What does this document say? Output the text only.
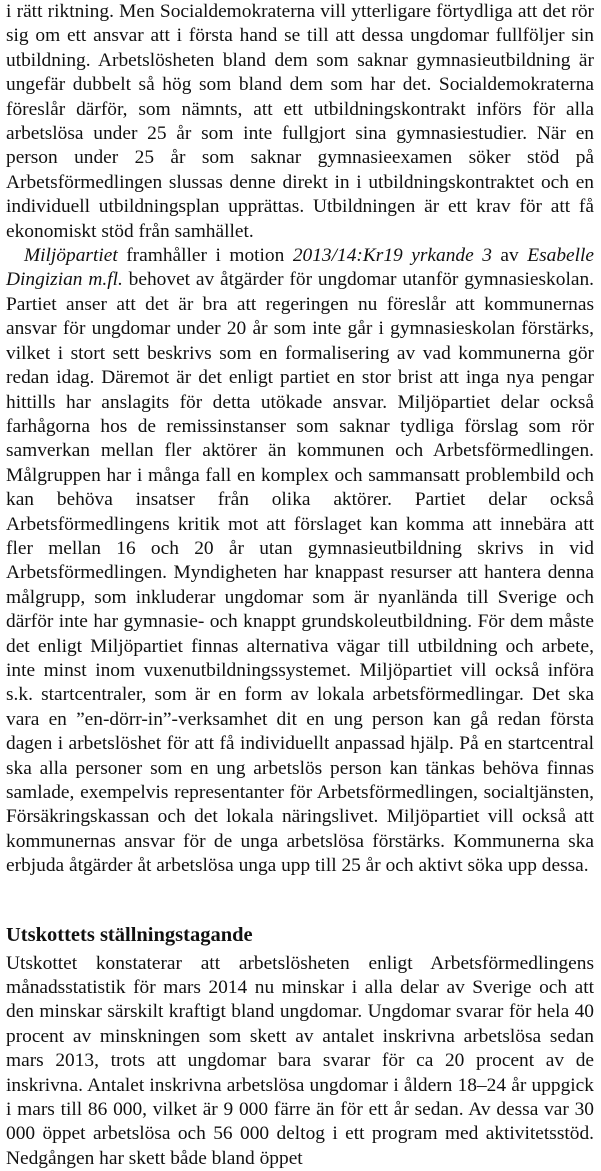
i rätt riktning. Men Socialdemokraterna vill ytterligare förtydliga att det rör sig om ett ansvar att i första hand se till att dessa ungdomar fullföljer sin utbildning. Arbetslösheten bland dem som saknar gymnasieutbildning är ungefär dubbelt så hög som bland dem som har det. Socialdemokraterna föreslår därför, som nämnts, att ett utbildningskontrakt införs för alla arbetslösa under 25 år som inte fullgjort sina gymnasiestudier. När en person under 25 år som saknar gymnasieexamen söker stöd på Arbetsförmedlingen slussas denne direkt in i utbildningskontraktet och en individuell utbildningsplan upprättas. Utbildningen är ett krav för att få ekonomiskt stöd från samhället.

Miljöpartiet framhåller i motion 2013/14:Kr19 yrkande 3 av Esabelle Dingizian m.fl. behovet av åtgärder för ungdomar utanför gymnasieskolan. Partiet anser att det är bra att regeringen nu föreslår att kommunernas ansvar för ungdomar under 20 år som inte går i gymnasieskolan förstärks, vilket i stort sett beskrivs som en formalisering av vad kommunerna gör redan idag. Däremot är det enligt partiet en stor brist att inga nya pengar hittills har anslagits för detta utökade ansvar. Miljöpartiet delar också farhågorna hos de remissinstanser som saknar tydliga förslag som rör samverkan mellan fler aktörer än kommunen och Arbetsförmedlingen. Målgruppen har i många fall en komplex och sammansatt problembild och kan behöva insatser från olika aktörer. Partiet delar också Arbetsförmedlingens kritik mot att förslaget kan komma att innebära att fler mellan 16 och 20 år utan gymnasieutbildning skrivs in vid Arbetsförmedlingen. Myndigheten har knappast resurser att hantera denna målgrupp, som inkluderar ungdomar som är nyanlända till Sverige och därför inte har gymnasie- och knappt grundskoleutbildning. För dem måste det enligt Miljöpartiet finnas alternativa vägar till utbildning och arbete, inte minst inom vuxenutbildningssystemet. Miljöpartiet vill också införa s.k. startcentraler, som är en form av lokala arbetsförmedlingar. Det ska vara en ”en-dörr-in”-verksamhet dit en ung person kan gå redan första dagen i arbetslöshet för att få individuellt anpassad hjälp. På en startcentral ska alla personer som en ung arbetslös person kan tänkas behöva finnas samlade, exempelvis representanter för Arbetsförmedlingen, socialtjänsten, Försäkringskassan och det lokala näringslivet. Miljöpartiet vill också att kommunernas ansvar för de unga arbetslösa förstärks. Kommunerna ska erbjuda åtgärder åt arbetslösa unga upp till 25 år och aktivt söka upp dessa.

Utskottets ställningstagande

Utskottet konstaterar att arbetslösheten enligt Arbetsförmedlingens månadsstatistik för mars 2014 nu minskar i alla delar av Sverige och att den minskar särskilt kraftigt bland ungdomar. Ungdomar svarar för hela 40 procent av minskningen som skett av antalet inskrivna arbetslösa sedan mars 2013, trots att ungdomar bara svarar för ca 20 procent av de inskrivna. Antalet inskrivna arbetslösa ungdomar i åldern 18–24 år uppgick i mars till 86 000, vilket är 9 000 färre än för ett år sedan. Av dessa var 30 000 öppet arbetslösa och 56 000 deltog i ett program med aktivitetsstöd. Nedgången har skett både bland öppet
